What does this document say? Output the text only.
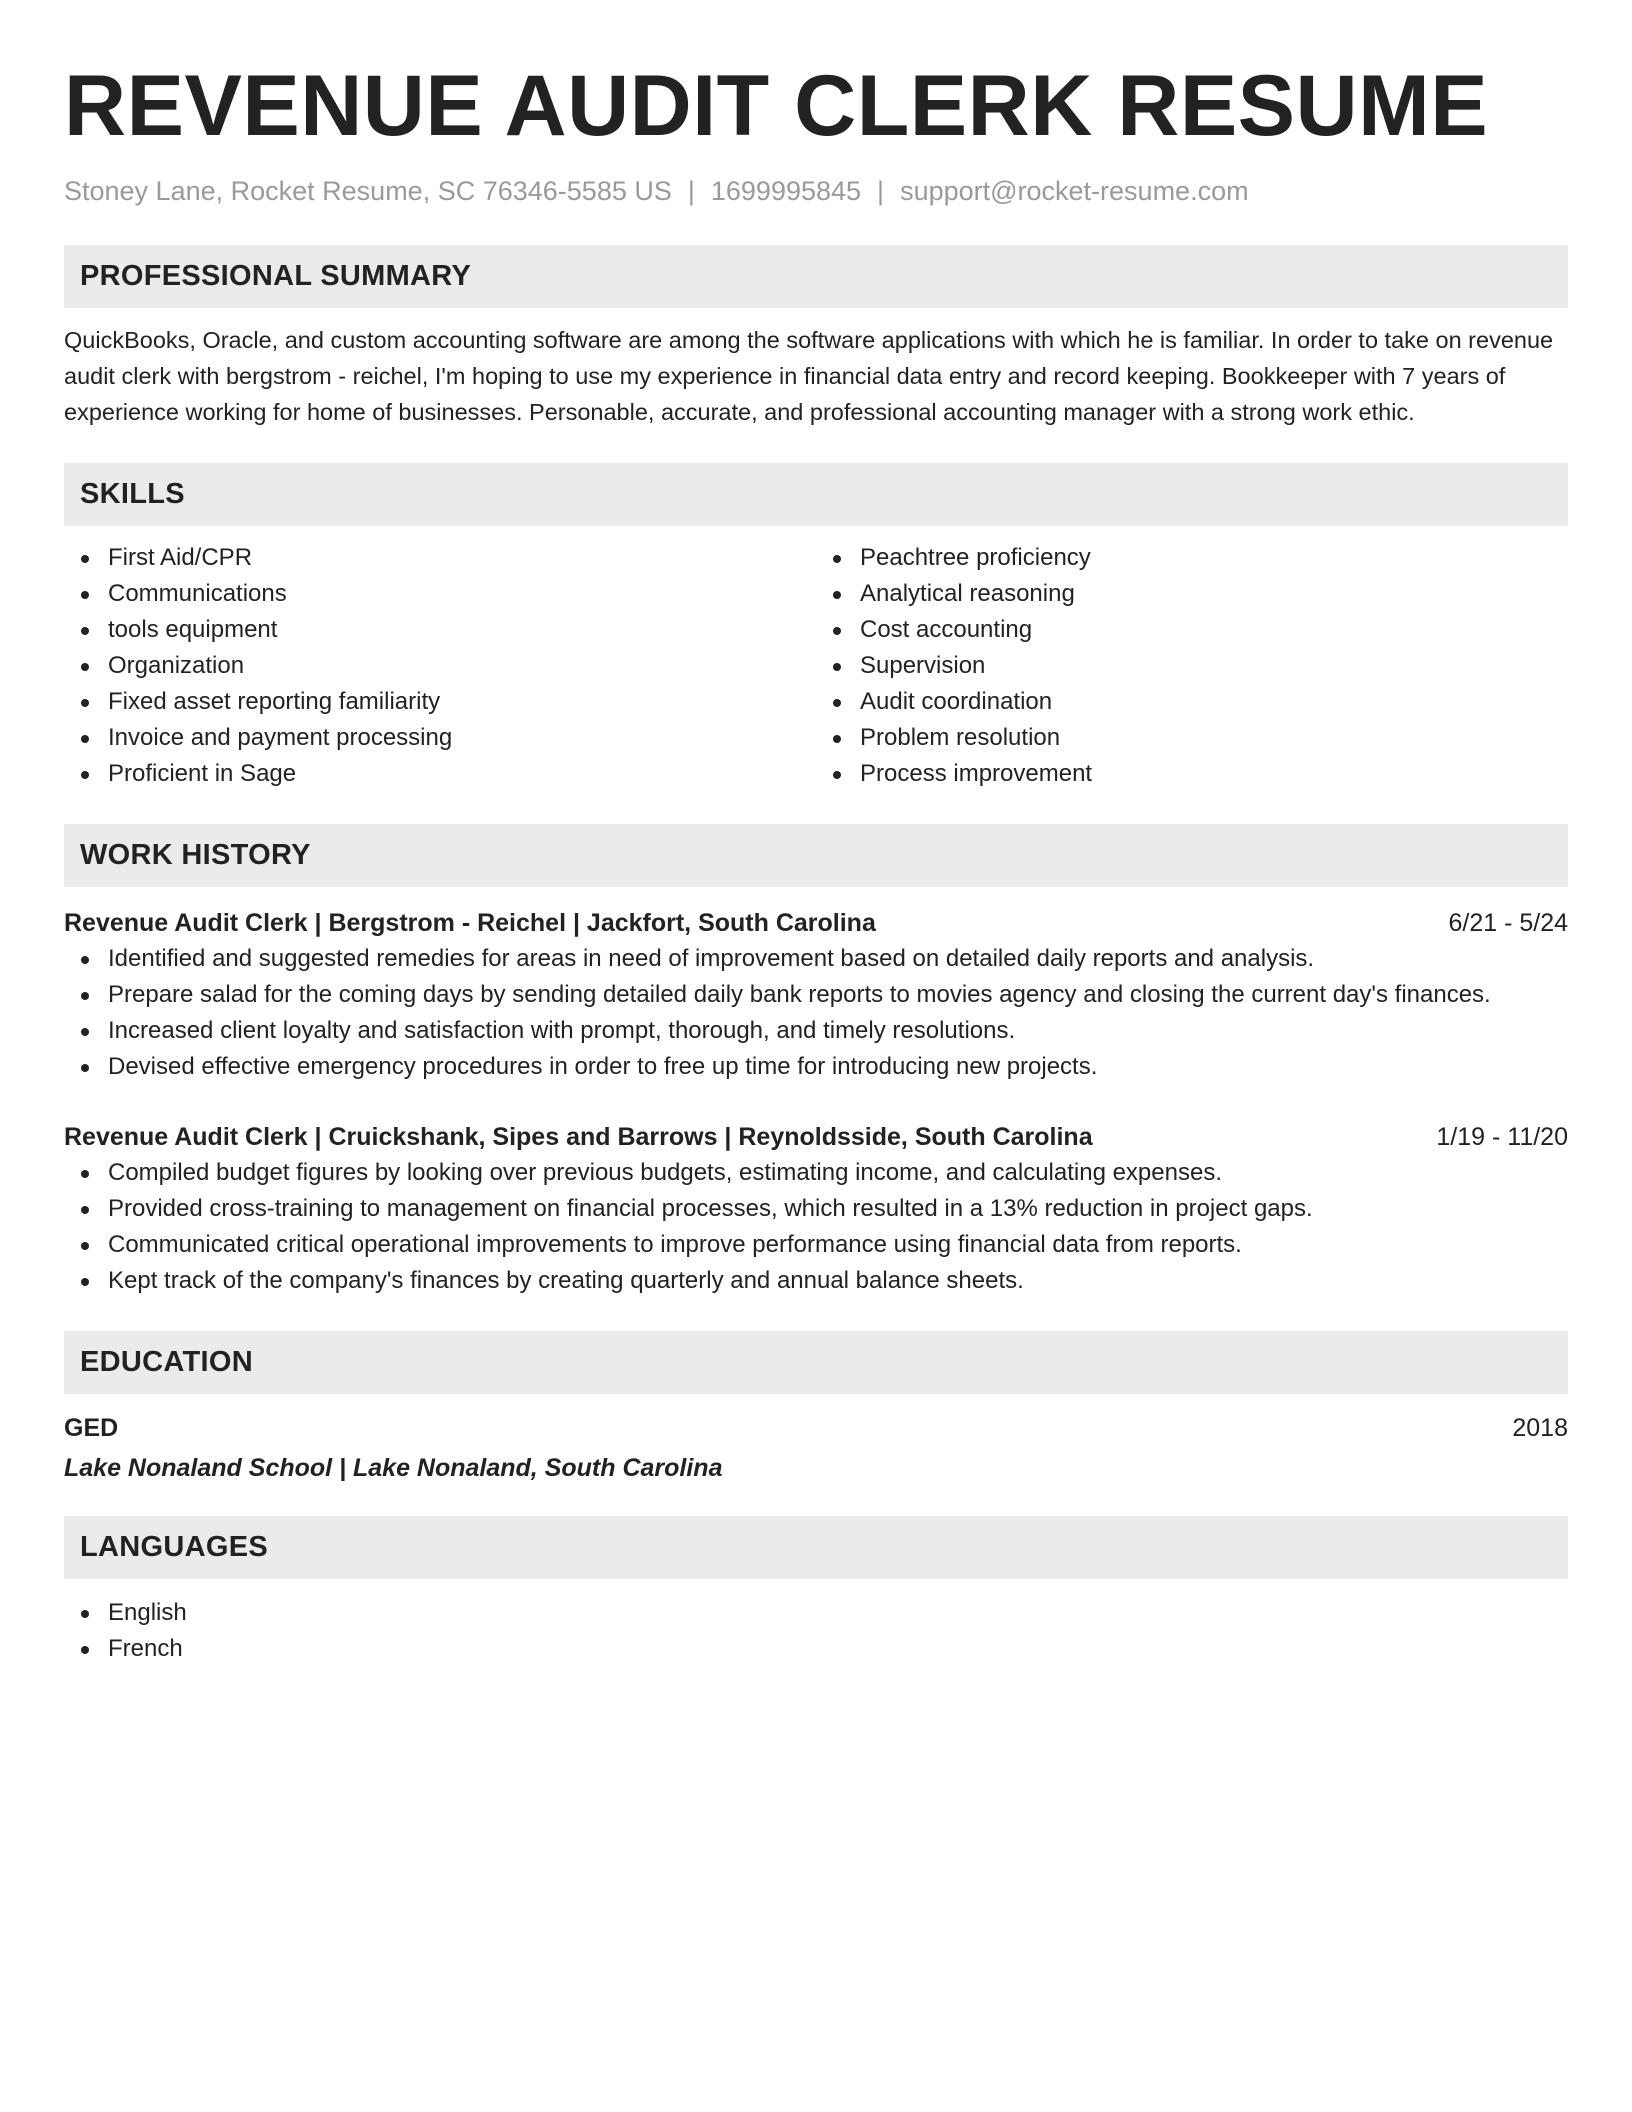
REVENUE AUDIT CLERK RESUME
Stoney Lane, Rocket Resume, SC 76346-5585 US | 1699995845 | support@rocket-resume.com
PROFESSIONAL SUMMARY

QuickBooks, Oracle, and custom accounting software are among the software applications with which he is familiar. In order to take on revenue audit clerk with bergstrom - reichel, I'm hoping to use my experience in financial data entry and record keeping. Bookkeeper with 7 years of experience working for home of businesses. Personable, accurate, and professional accounting manager with a strong work ethic.

SKILLS
First Aid/CPR
Communications
tools equipment
Organization
Fixed asset reporting familiarity
Invoice and payment processing
Proficient in Sage
Peachtree proficiency
Analytical reasoning
Cost accounting
Supervision
Audit coordination
Problem resolution
Process improvement
WORK HISTORY
Revenue Audit Clerk | Bergstrom - Reichel | Jackfort, South Carolina	6/21 - 5/24
Identified and suggested remedies for areas in need of improvement based on detailed daily reports and analysis.
Prepare salad for the coming days by sending detailed daily bank reports to movies agency and closing the current day's finances.
Increased client loyalty and satisfaction with prompt, thorough, and timely resolutions.
Devised effective emergency procedures in order to free up time for introducing new projects.
Revenue Audit Clerk | Cruickshank, Sipes and Barrows | Reynoldsside, South Carolina	1/19 - 11/20
Compiled budget figures by looking over previous budgets, estimating income, and calculating expenses.
Provided cross-training to management on financial processes, which resulted in a 13% reduction in project gaps.
Communicated critical operational improvements to improve performance using financial data from reports.
Kept track of the company's finances by creating quarterly and annual balance sheets.
EDUCATION
GED	2018
Lake Nonaland School | Lake Nonaland, South Carolina
LANGUAGES
English
French
